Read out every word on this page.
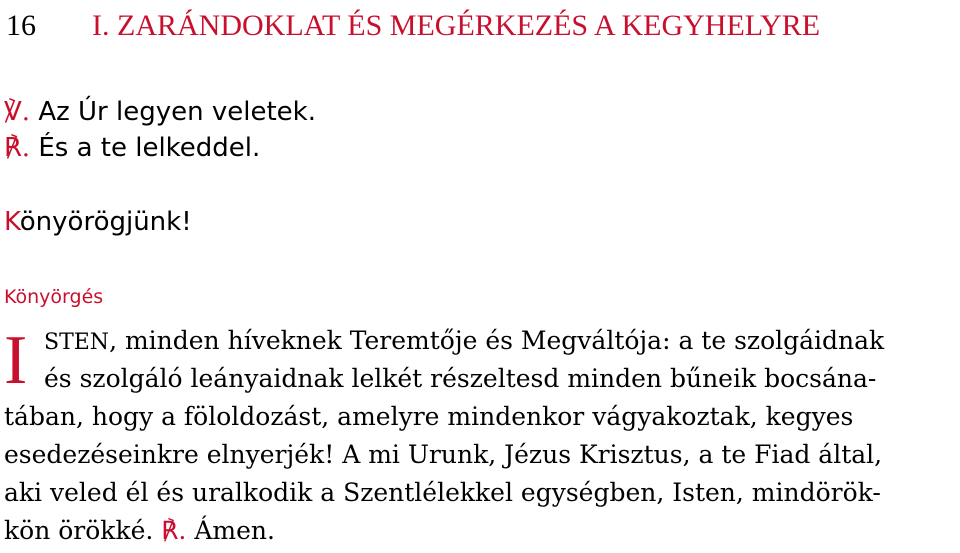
16 I. ZARÁNDOKLAT ÉS MEGÉRKEZÉS A KEGYHELYRE
℣. Az Úr legyen veletek.
℟. És a te lelkeddel.
Könyörögjünk!
Könyörgés
I STEN, minden híveknek Teremtője és Megváltója: a te szolgáidnak
és szolgáló leányaidnak lelkét részeltesd minden bűneik bocsána-
tában, hogy a föloldozást, amelyre mindenkor vágyakoztak, kegyes
esedezéseinkre elnyerjék! A mi Urunk, Jézus Krisztus, a te Fiad által,
aki veled él és uralkodik a Szentlélekkel egységben, Isten, mindörök-
kön örökké. ℟. Ámen.
